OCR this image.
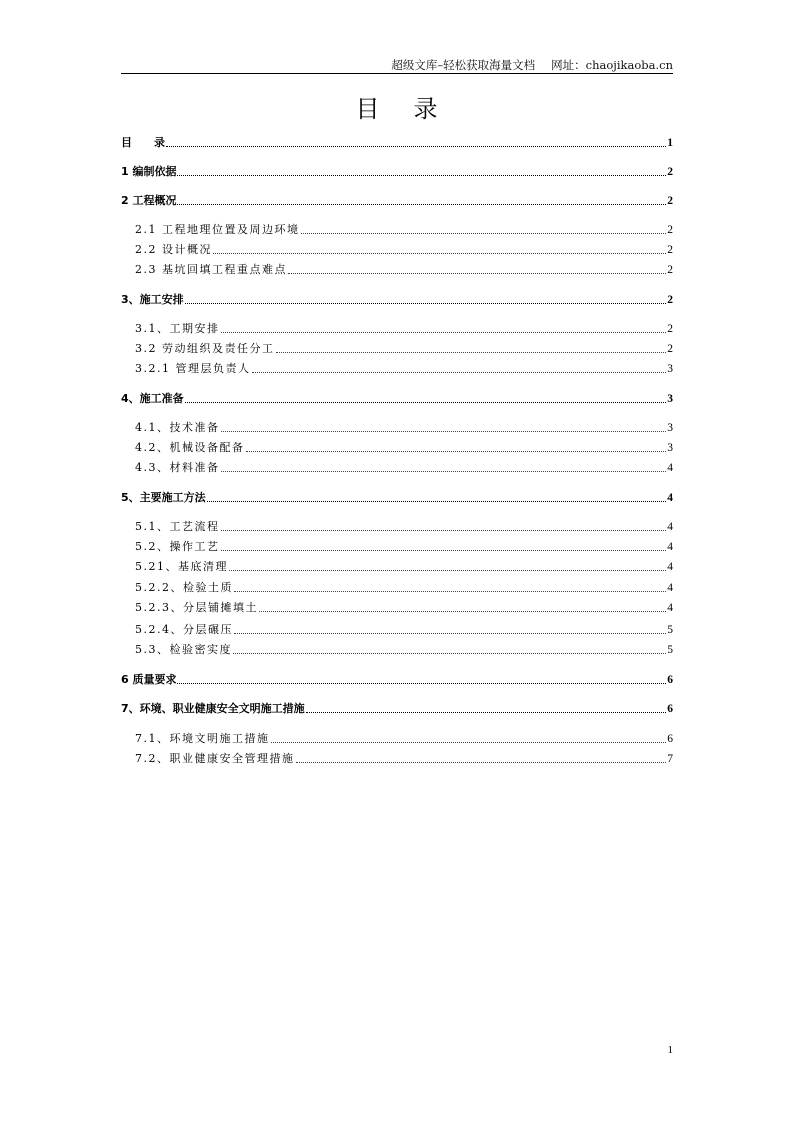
超级文库–轻松获取海量文档 网址：chaojikaoba.cn
目 录
目　　录	1
1 编制依据	2
2 工程概况	2
2.1 工程地理位置及周边环境	2
2.2 设计概况	2
2.3 基坑回填工程重点难点	2
3、施工安排	2
3.1、工期安排	2
3.2 劳动组织及责任分工	2
3.2.1 管理层负责人	3
4、施工准备	3
4.1、技术准备	3
4.2、机械设备配备	3
4.3、材料准备	4
5、主要施工方法	4
5.1、工艺流程	4
5.2、操作工艺	4
5.21、基底清理	4
5.2.2、检验土质	4
5.2.3、分层铺摊填土	4
5.2.4、分层碾压	5
5.3、检验密实度	5
6 质量要求	6
7、环境、职业健康安全文明施工措施	6
7.1、环境文明施工措施	6
7.2、职业健康安全管理措施	7
1
